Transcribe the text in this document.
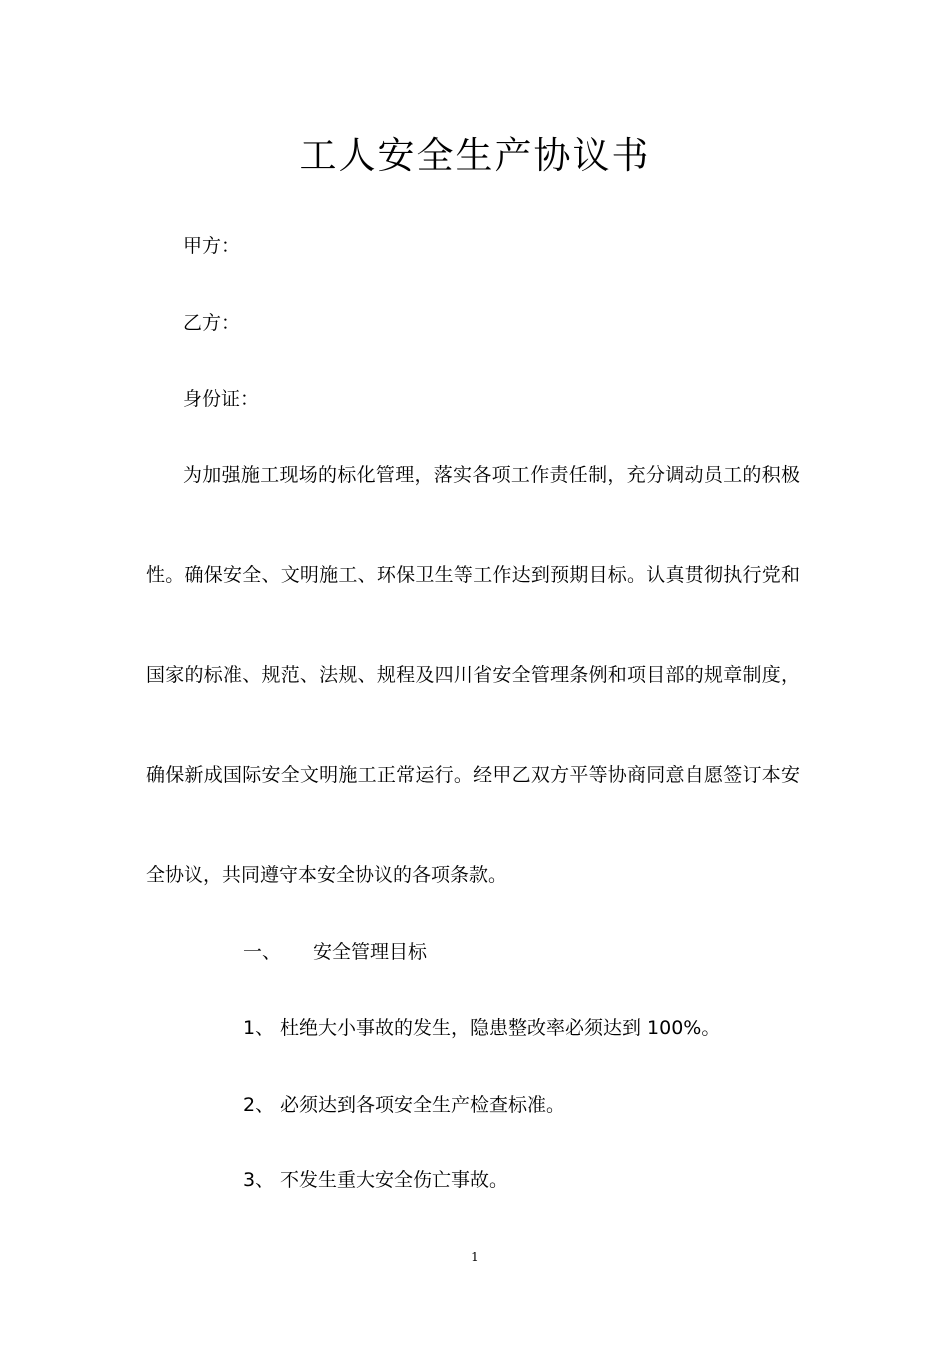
工人安全生产协议书

甲方：

乙方：

身份证：

为加强施工现场的标化管理，落实各项工作责任制，充分调动员工的积极

性。确保安全、文明施工、环保卫生等工作达到预期目标。认真贯彻执行党和

国家的标准、规范、法规、规程及四川省安全管理条例和项目部的规章制度，

确保新成国际安全文明施工正常运行。经甲乙双方平等协商同意自愿签订本安

全协议，共同遵守本安全协议的各项条款。

一、 安全管理目标

1、 杜绝大小事故的发生，隐患整改率必须达到 100%。

2、 必须达到各项安全生产检查标准。

3、 不发生重大安全伤亡事故。

1
